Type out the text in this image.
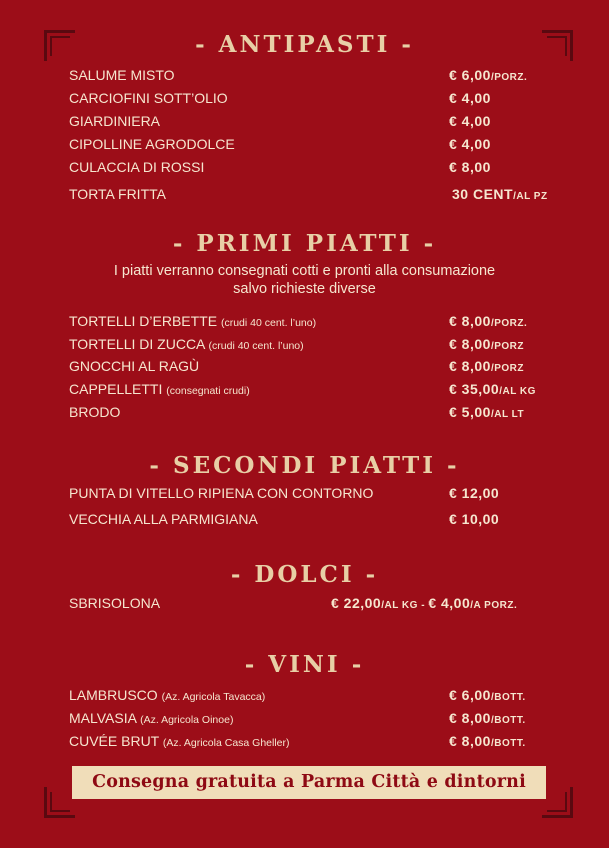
- ANTIPASTI -
SALUME MISTO	€ 6,00/PORZ.
CARCIOFINI SOTT’OLIO	€ 4,00
GIARDINIERA	€ 4,00
CIPOLLINE AGRODOLCE	€ 4,00
CULACCIA DI ROSSI	€ 8,00
TORTA FRITTA	30 CENT/AL PZ
- PRIMI PIATTI -
I piatti verranno consegnati cotti e pronti alla consumazione
salvo richieste diverse
TORTELLI D’ERBETTE (crudi 40 cent. l’uno)	€ 8,00/PORZ.
TORTELLI DI ZUCCA (crudi 40 cent. l’uno)	€ 8,00/PORZ
GNOCCHI AL RAGÙ	€ 8,00/PORZ
CAPPELLETTI (consegnati crudi)	€ 35,00/AL KG
BRODO	€ 5,00/AL LT
- SECONDI PIATTI -
PUNTA DI VITELLO RIPIENA CON CONTORNO	€ 12,00
VECCHIA ALLA PARMIGIANA	€ 10,00
- DOLCI -
SBRISOLONA	€ 22,00/AL KG - € 4,00/A PORZ.
- VINI -
LAMBRUSCO (Az. Agricola Tavacca)	€ 6,00/BOTT.
MALVASIA (Az. Agricola Oinoe)	€ 8,00/BOTT.
CUVÉE BRUT (Az. Agricola Casa Gheller)	€ 8,00/BOTT.
Consegna gratuita a Parma Città e dintorni
